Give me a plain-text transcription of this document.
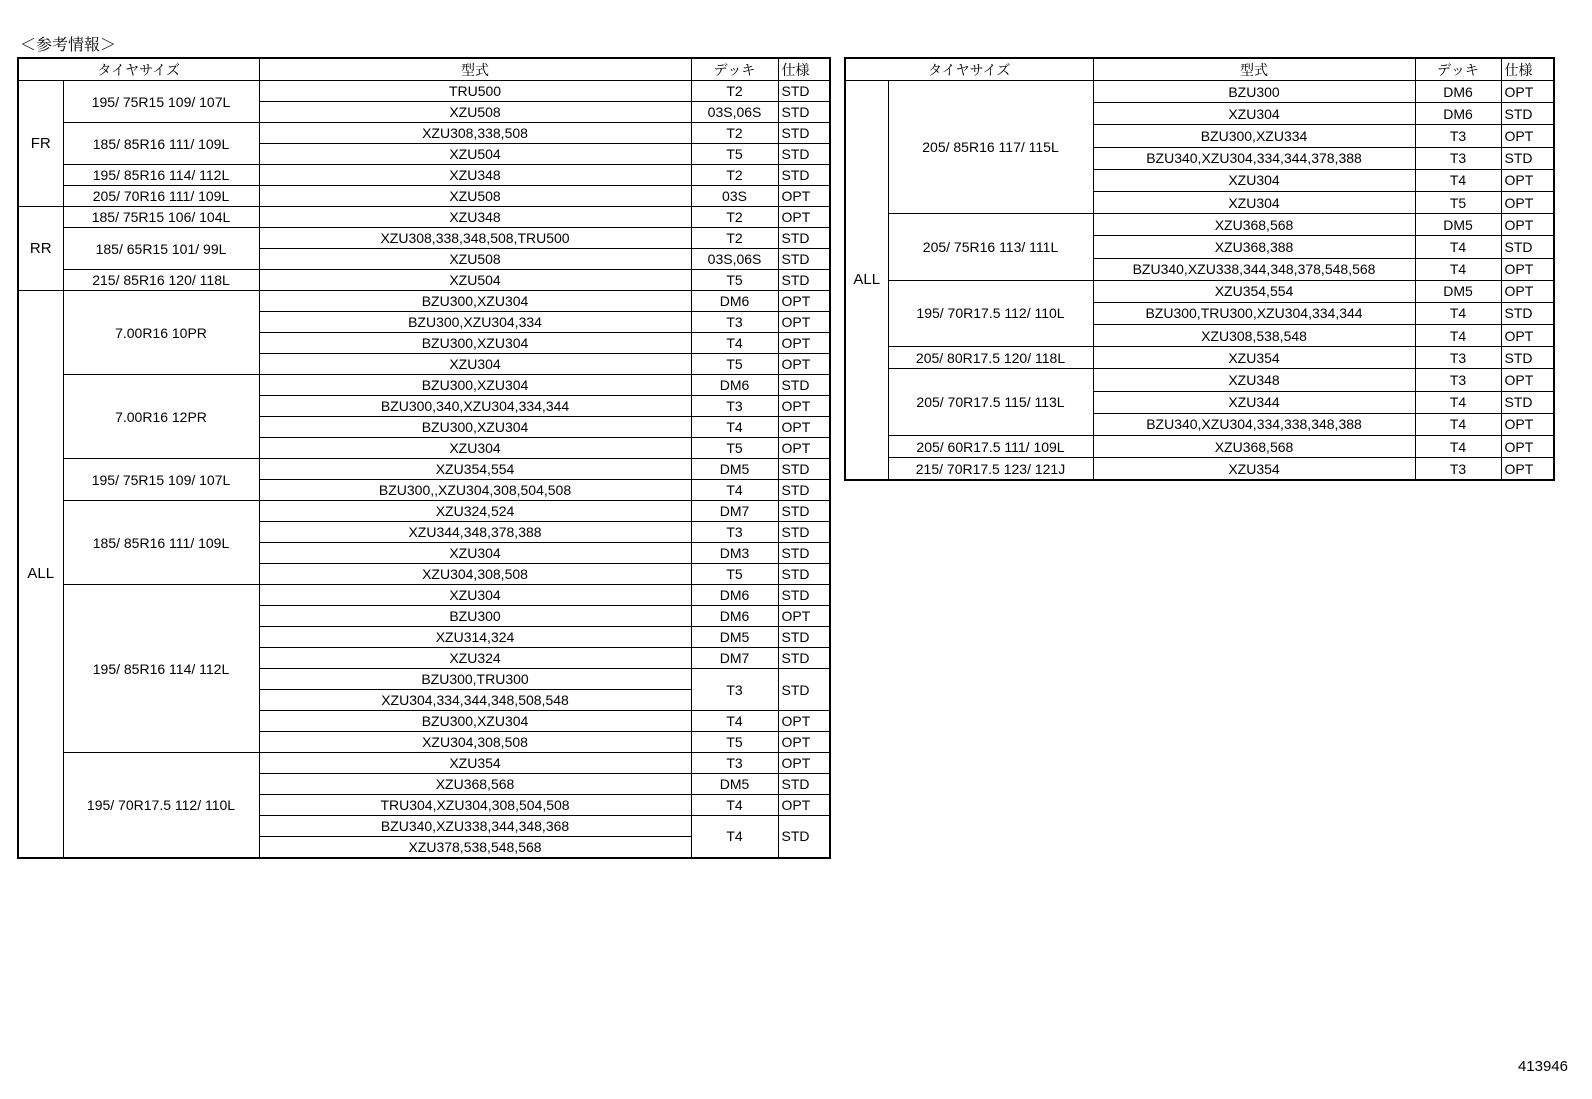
＜参考情報＞
タイヤサイズ		型式	デッキ	仕様
FR	195/ 75R15 109/ 107L	TRU500	T2	STD
		XZU508	03S,06S	STD
	185/ 85R16 111/ 109L	XZU308,338,508	T2	STD
		XZU504	T5	STD
	195/ 85R16 114/ 112L	XZU348	T2	STD
	205/ 70R16 111/ 109L	XZU508	03S	OPT
RR	185/ 75R15 106/ 104L	XZU348	T2	OPT
	185/ 65R15 101/ 99L	XZU308,338,348,508,TRU500	T2	STD
		XZU508	03S,06S	STD
	215/ 85R16 120/ 118L	XZU504	T5	STD
ALL	7.00R16 10PR	BZU300,XZU304	DM6	OPT
		BZU300,XZU304,334	T3	OPT
		BZU300,XZU304	T4	OPT
		XZU304	T5	OPT
	7.00R16 12PR	BZU300,XZU304	DM6	STD
		BZU300,340,XZU304,334,344	T3	OPT
		BZU300,XZU304	T4	OPT
		XZU304	T5	OPT
	195/ 75R15 109/ 107L	XZU354,554	DM5	STD
		BZU300,,XZU304,308,504,508	T4	STD
	185/ 85R16 111/ 109L	XZU324,524	DM7	STD
		XZU344,348,378,388	T3	STD
		XZU304	DM3	STD
		XZU304,308,508	T5	STD
	195/ 85R16 114/ 112L	XZU304	DM6	STD
		BZU300	DM6	OPT
		XZU314,324	DM5	STD
		XZU324	DM7	STD
		BZU300,TRU300	T3	STD
		XZU304,334,344,348,508,548		
		BZU300,XZU304	T4	OPT
		XZU304,308,508	T5	OPT
	195/ 70R17.5 112/ 110L	XZU354	T3	OPT
		XZU368,568	DM5	STD
		TRU304,XZU304,308,504,508	T4	OPT
		BZU340,XZU338,344,348,368	T4	STD
		XZU378,538,548,568		
タイヤサイズ		型式	デッキ	仕様
ALL	205/ 85R16 117/ 115L	BZU300	DM6	OPT
		XZU304	DM6	STD
		BZU300,XZU334	T3	OPT
		BZU340,XZU304,334,344,378,388	T3	STD
		XZU304	T4	OPT
		XZU304	T5	OPT
	205/ 75R16 113/ 111L	XZU368,568	DM5	OPT
		XZU368,388	T4	STD
		BZU340,XZU338,344,348,378,548,568	T4	OPT
	195/ 70R17.5 112/ 110L	XZU354,554	DM5	OPT
		BZU300,TRU300,XZU304,334,344	T4	STD
		XZU308,538,548	T4	OPT
	205/ 80R17.5 120/ 118L	XZU354	T3	STD
	205/ 70R17.5 115/ 113L	XZU348	T3	OPT
		XZU344	T4	STD
		BZU340,XZU304,334,338,348,388	T4	OPT
	205/ 60R17.5 111/ 109L	XZU368,568	T4	OPT
	215/ 70R17.5 123/ 121J	XZU354	T3	OPT
413946
